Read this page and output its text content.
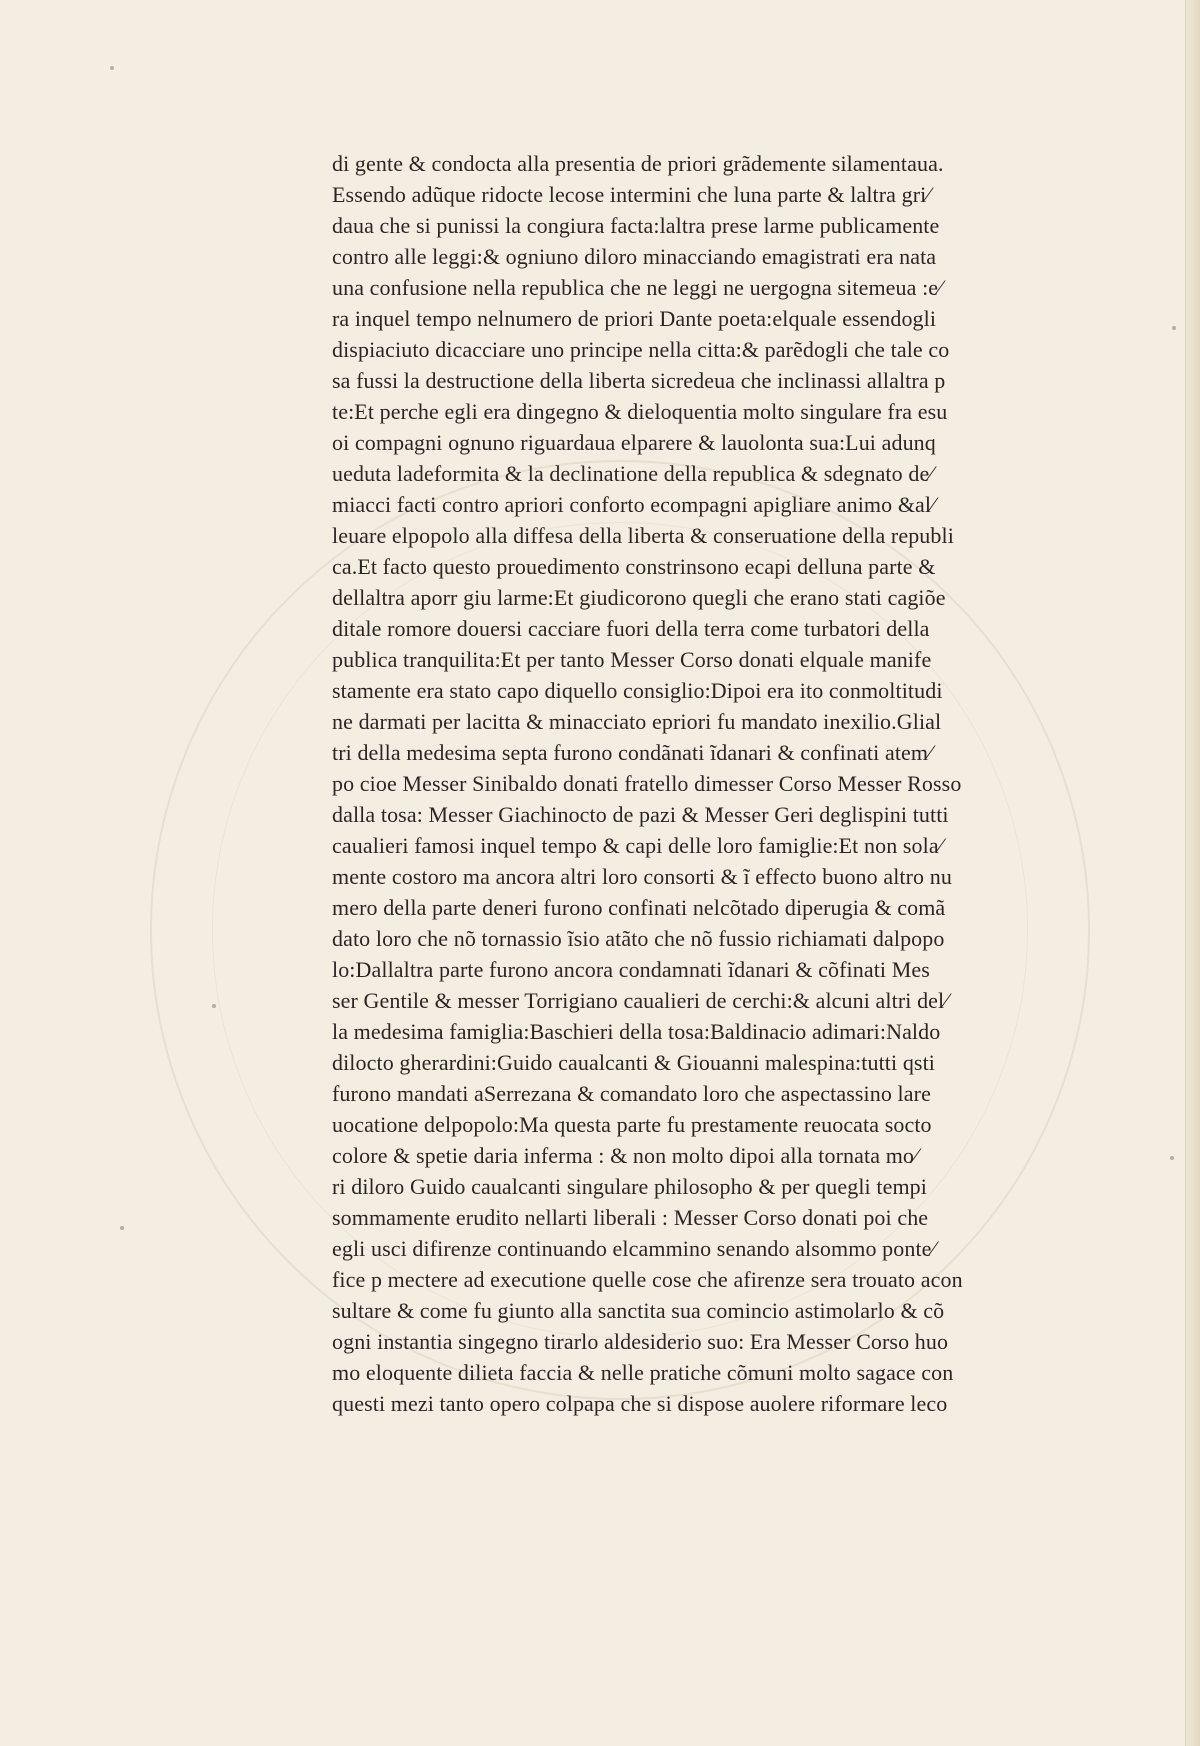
di gente & condocta alla presentia de priori grãdemente silamentaua.
Essendo adũque ridocte lecose intermini che luna parte & laltra gri⁄
daua che si punissi la congiura facta:laltra prese larme publicamente
contro alle leggi:& ogniuno diloro minacciando emagistrati era nata
una confusione nella republica che ne leggi ne uergogna sitemeua :e⁄
ra inquel tempo nelnumero de priori Dante poeta:elquale essendogli
dispiaciuto dicacciare uno principe nella citta:& parẽdogli che tale co
sa fussi la destructione della liberta sicredeua che inclinassi allaltra p
te:Et perche egli era dingegno & dieloquentia molto singulare fra esu
oi compagni ognuno riguardaua elparere & lauolonta sua:Lui adunq
ueduta ladeformita & la declinatione della republica & sdegnato de⁄
miacci facti contro apriori conforto ecompagni apigliare animo &al⁄
leuare elpopolo alla diffesa della liberta & conseruatione della republi
ca.Et facto questo prouedimento constrinsono ecapi delluna parte &
dellaltra aporr giu larme:Et giudicorono quegli che erano stati cagiõe
ditale romore douersi cacciare fuori della terra come turbatori della
publica tranquilita:Et per tanto Messer Corso donati elquale manife
stamente era stato capo diquello consiglio:Dipoi era ito conmoltitudi
ne darmati per lacitta & minacciato epriori fu mandato inexilio.Glial
tri della medesima septa furono condãnati ĩdanari & confinati atem⁄
po cioe Messer Sinibaldo donati fratello dimesser Corso Messer Rosso
dalla tosa: Messer Giachinocto de pazi & Messer Geri deglispini tutti
caualieri famosi inquel tempo & capi delle loro famiglie:Et non sola⁄
mente costoro ma ancora altri loro consorti & ĩ effecto buono altro nu
mero della parte deneri furono confinati nelcõtado diperugia & comã
dato loro che nõ tornassio ĩsio atãto che nõ fussio richiamati dalpopo
lo:Dallaltra parte furono ancora condamnati ĩdanari & cõfinati Mes
ser Gentile & messer Torrigiano caualieri de cerchi:& alcuni altri del⁄
la medesima famiglia:Baschieri della tosa:Baldinacio adimari:Naldo
dilocto gherardini:Guido caualcanti & Giouanni malespina:tutti qsti
furono mandati aSerrezana & comandato loro che aspectassino lare
uocatione delpopolo:Ma questa parte fu prestamente reuocata socto
colore & spetie daria inferma : & non molto dipoi alla tornata mo⁄
ri diloro Guido caualcanti singulare philosopho & per quegli tempi
sommamente erudito nellarti liberali : Messer Corso donati poi che
egli usci difirenze continuando elcammino senando alsommo ponte⁄
fice p mectere ad executione quelle cose che afirenze sera trouato acon
sultare & come fu giunto alla sanctita sua comincio astimolarlo & cõ
ogni instantia singegno tirarlo aldesiderio suo: Era Messer Corso huo
mo eloquente dilieta faccia & nelle pratiche cõmuni molto sagace con
questi mezi tanto opero colpapa che si dispose auolere riformare leco
